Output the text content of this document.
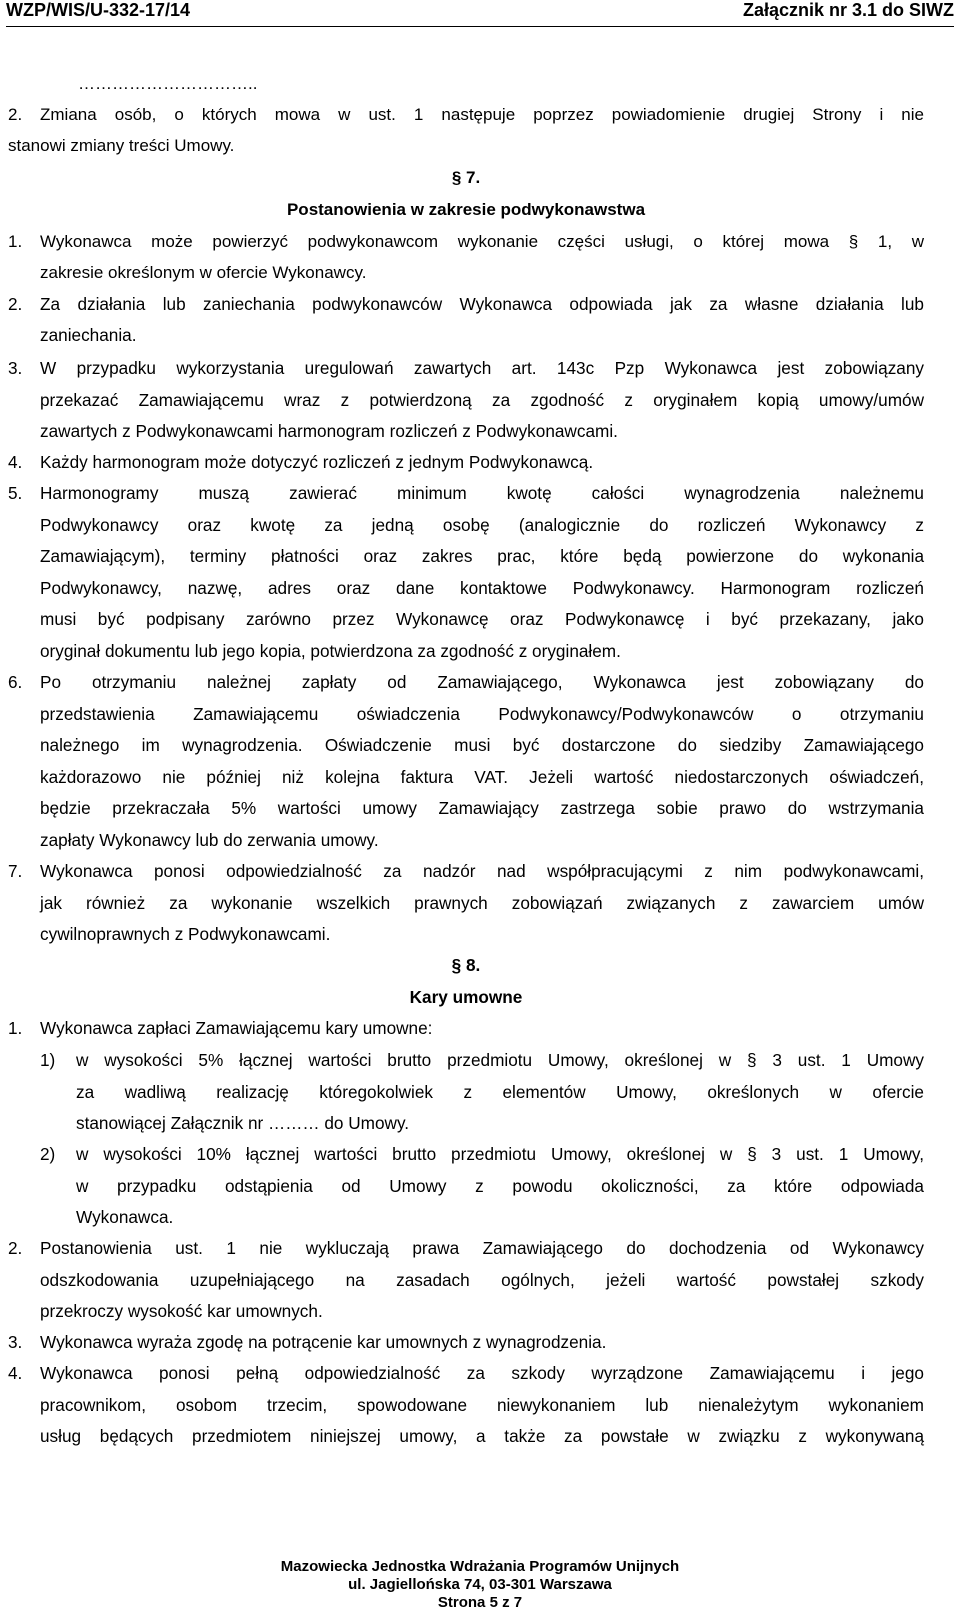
WZP/WIS/U-332-17/14	Załącznik nr 3.1 do SIWZ
…………………………..
2. Zmiana osób, o których mowa w ust. 1 następuje poprzez powiadomienie drugiej Strony i nie
stanowi zmiany treści Umowy.
§ 7.
Postanowienia w zakresie podwykonawstwa
1. Wykonawca może powierzyć podwykonawcom wykonanie części usługi, o której mowa § 1, w
zakresie określonym w ofercie Wykonawcy.
2. Za działania lub zaniechania podwykonawców Wykonawca odpowiada jak za własne działania lub
zaniechania.
3. W przypadku wykorzystania uregulowań zawartych art. 143c Pzp Wykonawca jest zobowiązany
przekazać Zamawiającemu wraz z potwierdzoną za zgodność z oryginałem kopią umowy/umów
zawartych z Podwykonawcami harmonogram rozliczeń z Podwykonawcami.
4. Każdy harmonogram może dotyczyć rozliczeń z jednym Podwykonawcą.
5. Harmonogramy muszą zawierać minimum kwotę całości wynagrodzenia należnemu
Podwykonawcy oraz kwotę za jedną osobę (analogicznie do rozliczeń Wykonawcy z
Zamawiającym), terminy płatności oraz zakres prac, które będą powierzone do wykonania
Podwykonawcy, nazwę, adres oraz dane kontaktowe Podwykonawcy. Harmonogram rozliczeń
musi być podpisany zarówno przez Wykonawcę oraz Podwykonawcę i być przekazany, jako
oryginał dokumentu lub jego kopia, potwierdzona za zgodność z oryginałem.
6. Po otrzymaniu należnej zapłaty od Zamawiającego, Wykonawca jest zobowiązany do
przedstawienia Zamawiającemu oświadczenia Podwykonawcy/Podwykonawców o otrzymaniu
należnego im wynagrodzenia. Oświadczenie musi być dostarczone do siedziby Zamawiającego
każdorazowo nie później niż kolejna faktura VAT. Jeżeli wartość niedostarczonych oświadczeń,
będzie przekraczała 5% wartości umowy Zamawiający zastrzega sobie prawo do wstrzymania
zapłaty Wykonawcy lub do zerwania umowy.
7. Wykonawca ponosi odpowiedzialność za nadzór nad współpracującymi z nim podwykonawcami,
jak również za wykonanie wszelkich prawnych zobowiązań związanych z zawarciem umów
cywilnoprawnych z Podwykonawcami.
§ 8.
Kary umowne
1. Wykonawca zapłaci Zamawiającemu kary umowne:
1) w wysokości 5% łącznej wartości brutto przedmiotu Umowy, określonej w § 3 ust. 1 Umowy
za wadliwą realizację któregokolwiek z elementów Umowy, określonych w ofercie
stanowiącej Załącznik nr ……… do Umowy.
2) w wysokości 10% łącznej wartości brutto przedmiotu Umowy, określonej w § 3 ust. 1 Umowy,
w przypadku odstąpienia od Umowy z powodu okoliczności, za które odpowiada
Wykonawca.
2. Postanowienia ust. 1 nie wykluczają prawa Zamawiającego do dochodzenia od Wykonawcy
odszkodowania uzupełniającego na zasadach ogólnych, jeżeli wartość powstałej szkody
przekroczy wysokość kar umownych.
3. Wykonawca wyraża zgodę na potrącenie kar umownych z wynagrodzenia.
4. Wykonawca ponosi pełną odpowiedzialność za szkody wyrządzone Zamawiającemu i jego
pracownikom, osobom trzecim, spowodowane niewykonaniem lub nienależytym wykonaniem
usług będących przedmiotem niniejszej umowy, a także za powstałe w związku z wykonywaną
Mazowiecka Jednostka Wdrażania Programów Unijnych
ul. Jagiellońska 74, 03-301 Warszawa
Strona 5 z 7
